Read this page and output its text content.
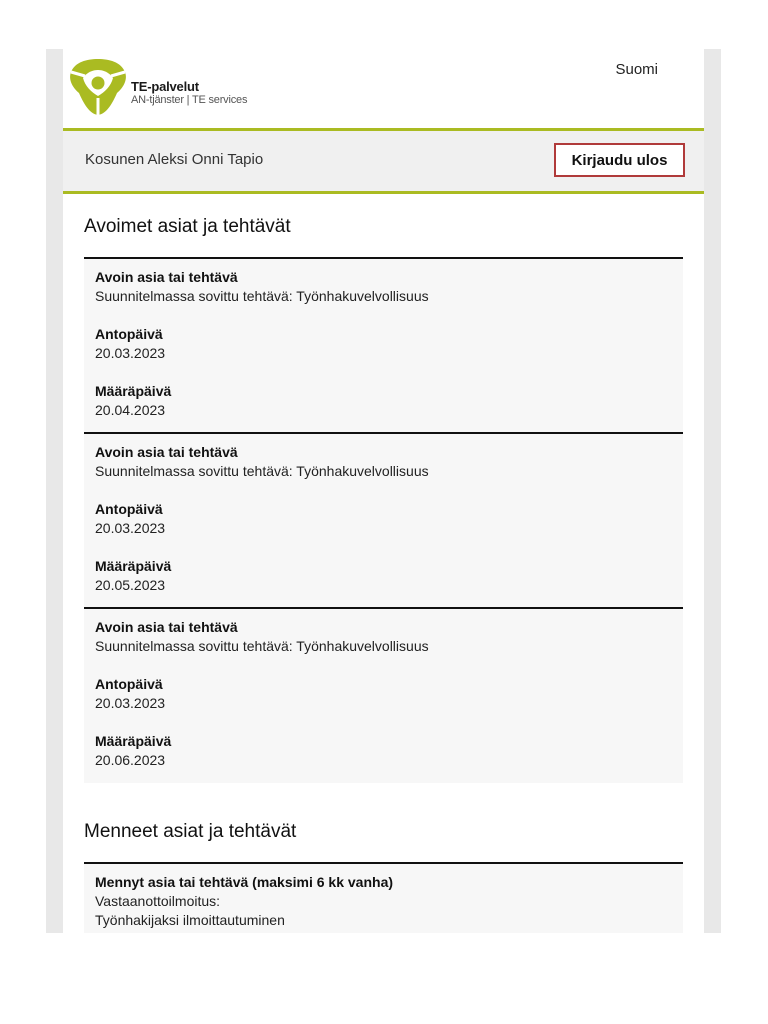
TE-palvelut
AN-tjänster | TE services
Suomi
Kosunen Aleksi Onni Tapio	Kirjaudu ulos
Avoimet asiat ja tehtävät
Avoin asia tai tehtävä
Suunnitelmassa sovittu tehtävä: Työnhakuvelvollisuus
Antopäivä
20.03.2023
Määräpäivä
20.04.2023
Avoin asia tai tehtävä
Suunnitelmassa sovittu tehtävä: Työnhakuvelvollisuus
Antopäivä
20.03.2023
Määräpäivä
20.05.2023
Avoin asia tai tehtävä
Suunnitelmassa sovittu tehtävä: Työnhakuvelvollisuus
Antopäivä
20.03.2023
Määräpäivä
20.06.2023
Menneet asiat ja tehtävät
Mennyt asia tai tehtävä (maksimi 6 kk vanha)
Vastaanottoilmoitus:
Työnhakijaksi ilmoittautuminen
